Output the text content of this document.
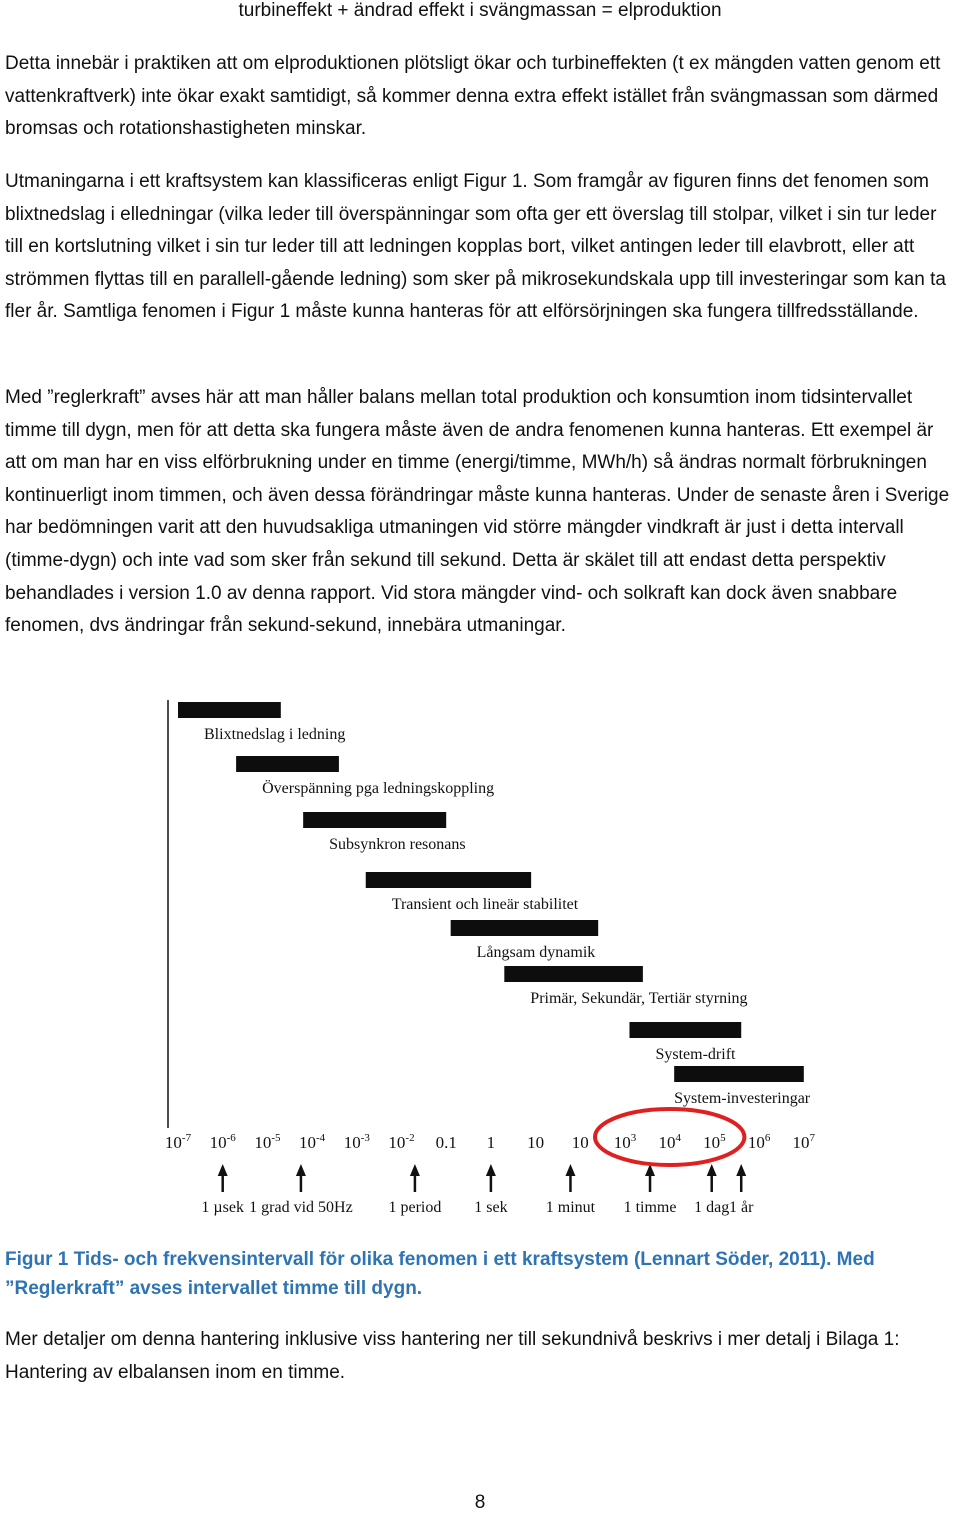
turbineffekt + ändrad effekt i svängmassan = elproduktion

Detta innebär i praktiken att om elproduktionen plötsligt ökar och turbineffekten (t ex mängden vatten genom ett vattenkraftverk) inte ökar exakt samtidigt, så kommer denna extra effekt istället från svängmassan som därmed bromsas och rotationshastigheten minskar.

Utmaningarna i ett kraftsystem kan klassificeras enligt Figur 1. Som framgår av figuren finns det fenomen som blixtnedslag i elledningar (vilka leder till överspänningar som ofta ger ett överslag till stolpar, vilket i sin tur leder till en kortslutning vilket i sin tur leder till att ledningen kopplas bort, vilket antingen leder till elavbrott, eller att strömmen flyttas till en parallell-gående ledning) som sker på mikrosekundskala upp till investeringar som kan ta fler år. Samtliga fenomen i Figur 1 måste kunna hanteras för att elförsörjningen ska fungera tillfredsställande.

Med ”reglerkraft” avses här att man håller balans mellan total produktion och konsumtion inom tidsintervallet timme till dygn, men för att detta ska fungera måste även de andra fenomenen kunna hanteras. Ett exempel är att om man har en viss elförbrukning under en timme (energi/timme, MWh/h) så ändras normalt förbrukningen kontinuerligt inom timmen, och även dessa förändringar måste kunna hanteras. Under de senaste åren i Sverige har bedömningen varit att den huvudsakliga utmaningen vid större mängder vindkraft är just i detta intervall (timme-dygn) och inte vad som sker från sekund till sekund. Detta är skälet till att endast detta perspektiv behandlades i version 1.0 av denna rapport. Vid stora mängder vind- och solkraft kan dock även snabbare fenomen, dvs ändringar från sekund-sekund, innebära utmaningar.

Blixtnedslag i ledning
Överspänning pga ledningskoppling
Subsynkron resonans
Transient och lineär stabilitet
Långsam dynamik
Primär, Sekundär, Tertiär styrning
System-drift
System-investeringar
$10^{-7}$ $10^{-6}$ $10^{-5}$ $10^{-4}$ $10^{-3}$ $10^{-2}$ 0.1 1 10 10 $10^3$ $10^4$ $10^5$ $10^6$ $10^7$
1 µsek 1 grad vid 50Hz 1 period 1 sek 1 minut 1 timme 1 dag 1 år

Figur 1 Tids- och frekvensintervall för olika fenomen i ett kraftsystem (Lennart Söder, 2011). Med ”Reglerkraft” avses intervallet timme till dygn.

Mer detaljer om denna hantering inklusive viss hantering ner till sekundnivå beskrivs i mer detalj i Bilaga 1: Hantering av elbalansen inom en timme.

8
